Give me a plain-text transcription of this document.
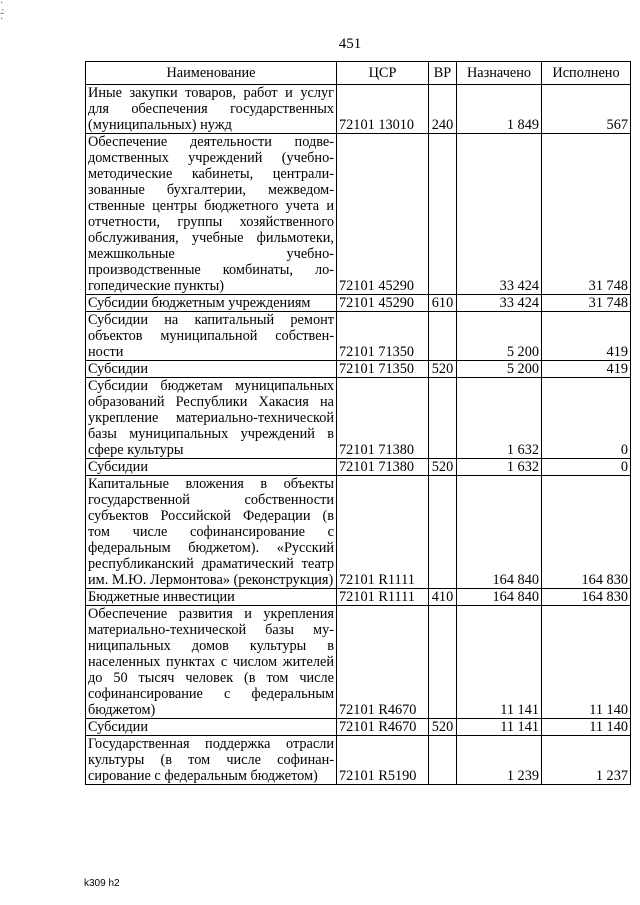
·
.:
·
451
Наименование	ЦСР	ВР	Назначено	Исполнено
Иные закупки товаров, работ и услуг для обеспечения государственных (муниципальных) нужд	72101 13010	240	1 849	567
Обеспечение деятельности подведомственных учреждений (учебно-методические кабинеты, централизованные бухгалтерии, межведомственные центры бюджетного учета и отчетности, группы хозяйственного обслуживания, учебные фильмотеки, межшкольные учебно-производственные комбинаты, логопедические пункты)	72101 45290		33 424	31 748
Субсидии бюджетным учреждениям	72101 45290	610	33 424	31 748
Субсидии на капитальный ремонт объектов муниципальной собственности	72101 71350		5 200	419
Субсидии	72101 71350	520	5 200	419
Субсидии бюджетам муниципальных образований Республики Хакасия на укрепление материально-технической базы муниципальных учреждений в сфере культуры	72101 71380		1 632	0
Субсидии	72101 71380	520	1 632	0
Капитальные вложения в объекты государственной собственности субъектов Российской Федерации (в том числе софинансирование с федеральным бюджетом). «Русский республиканский драматический театр им. М.Ю. Лермонтова» (реконструкция)	72101 R1111		164 840	164 830
Бюджетные инвестиции	72101 R1111	410	164 840	164 830
Обеспечение развития и укрепления материально-технической базы муниципальных домов культуры в населенных пунктах с числом жителей до 50 тысяч человек (в том числе софинансирование с федеральным бюджетом)	72101 R4670		11 141	11 140
Субсидии	72101 R4670	520	11 141	11 140
Государственная поддержка отрасли культуры (в том числе софинансирование с федеральным бюджетом)	72101 R5190		1 239	1 237
k309 h2
